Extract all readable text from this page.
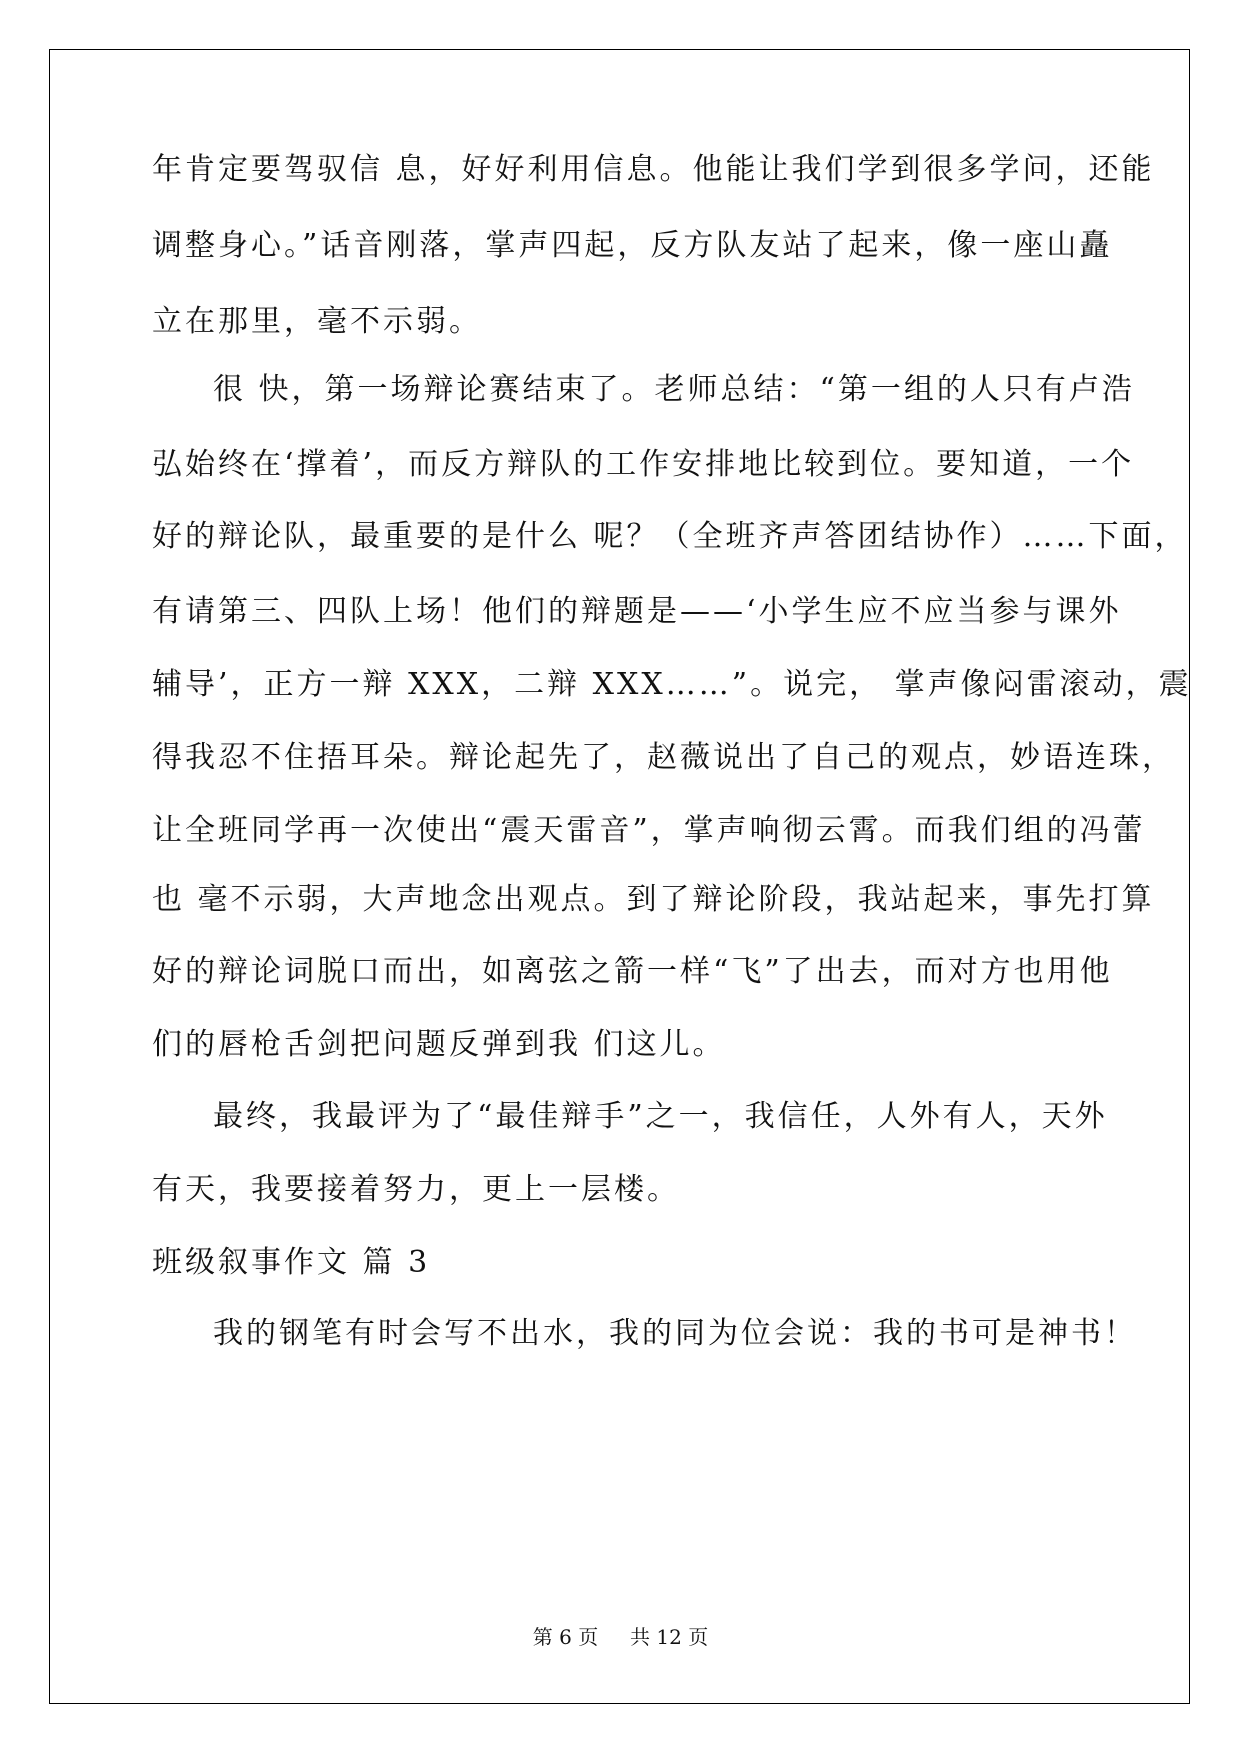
年肯定要驾驭信 息，好好利用信息。他能让我们学到很多学问，还能
调整身心。”话音刚落，掌声四起，反方队友站了起来，像一座山矗
立在那里，毫不示弱。
很 快，第一场辩论赛结束了。老师总结：“第一组的人只有卢浩
弘始终在‘撑着’，而反方辩队的工作安排地比较到位。要知道，一个
好的辩论队，最重要的是什么 呢？（全班齐声答团结协作）……下面，
有请第三、四队上场！他们的辩题是——‘小学生应不应当参与课外
辅导’，正方一辩 XXX，二辩 XXX……”。说完， 掌声像闷雷滚动，震
得我忍不住捂耳朵。辩论起先了，赵薇说出了自己的观点，妙语连珠，
让全班同学再一次使出“震天雷音”，掌声响彻云霄。而我们组的冯蕾
也 毫不示弱，大声地念出观点。到了辩论阶段，我站起来，事先打算
好的辩论词脱口而出，如离弦之箭一样“飞”了出去，而对方也用他
们的唇枪舌剑把问题反弹到我 们这儿。
最终，我最评为了“最佳辩手”之一，我信任，人外有人，天外
有天，我要接着努力，更上一层楼。
班级叙事作文 篇 3
我的钢笔有时会写不出水，我的同为位会说：我的书可是神书！
第 6 页 共 12 页
